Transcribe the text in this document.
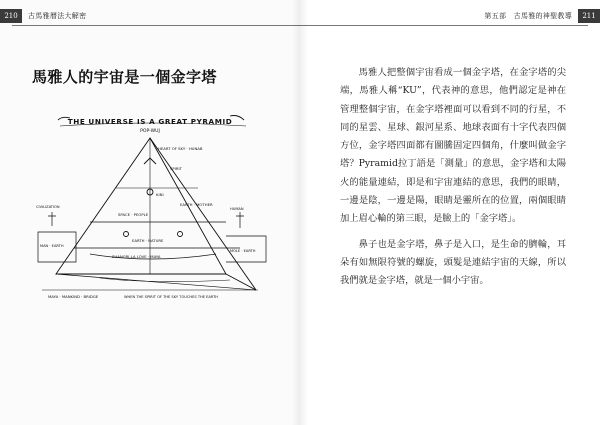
210	古馬雅曆法大解密
馬雅人的宇宙是一個金字塔
THE UNIVERSE IS A GREAT PYRAMID
POP-WUJ
HEART OF SKY · HUNAB
SPIRIT
KINI
EARTH · MOTHER
SPACE · PEOPLE
HUMAN
CIVILIZATION
EARTH · NATURE
SHANGRI-LA LOVE · MAYA
MAN · EARTH
MOLE · EARTH
MAYA · MANKIND · BRIDGE	WHEN THE SPIRIT OF THE SKY TOUCHES THE EARTH
第五部　古馬雅的神聖教導	211

馬雅人把整個宇宙看成一個金字塔，在金字塔的尖端，馬雅人稱“KU”，代表神的意思，他們認定是神在管理整個宇宙，在金字塔裡面可以看到不同的行星，不同的星雲、星球、銀河星系、地球表面有十字代表四個方位，金字塔四面都有圖騰固定四個角，什麼叫做金字塔？Pyramid拉丁語是「測量」的意思，金字塔和太陽火的能量連結，即是和宇宙連結的意思，我們的眼睛，一邊是陰，一邊是陽，眼睛是靈所在的位置，兩個眼睛加上眉心輪的第三眼，是臉上的「金字塔」。

鼻子也是金字塔，鼻子是入口，是生命的臍輪，耳朵有如無限符號的螺旋，頭髮是連結宇宙的天線，所以我們就是金字塔，就是一個小宇宙。
